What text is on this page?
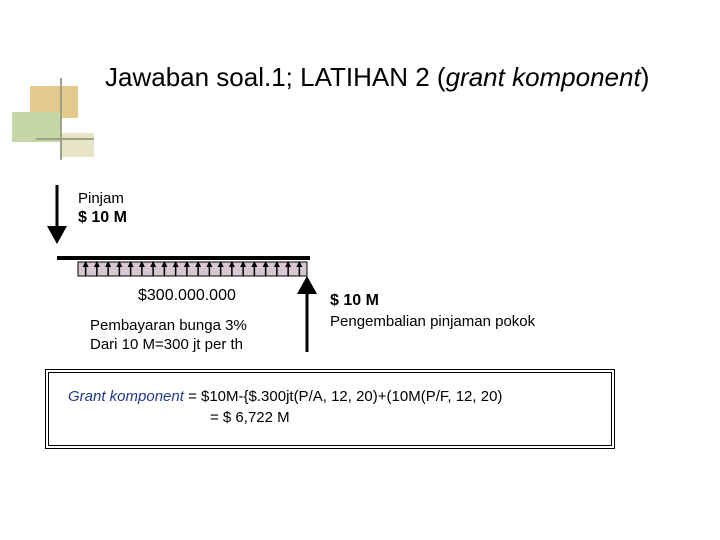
Jawaban soal.1; LATIHAN 2 (grant komponent)
Pinjam
$ 10 M
$300.000.000
Pembayaran bunga 3%
Dari 10 M=300 jt per th
$ 10 M
Pengembalian pinjaman pokok
Grant komponent = $10M-{$.300jt(P/A, 12, 20)+(10M(P/F, 12, 20)
= $ 6,722 M
